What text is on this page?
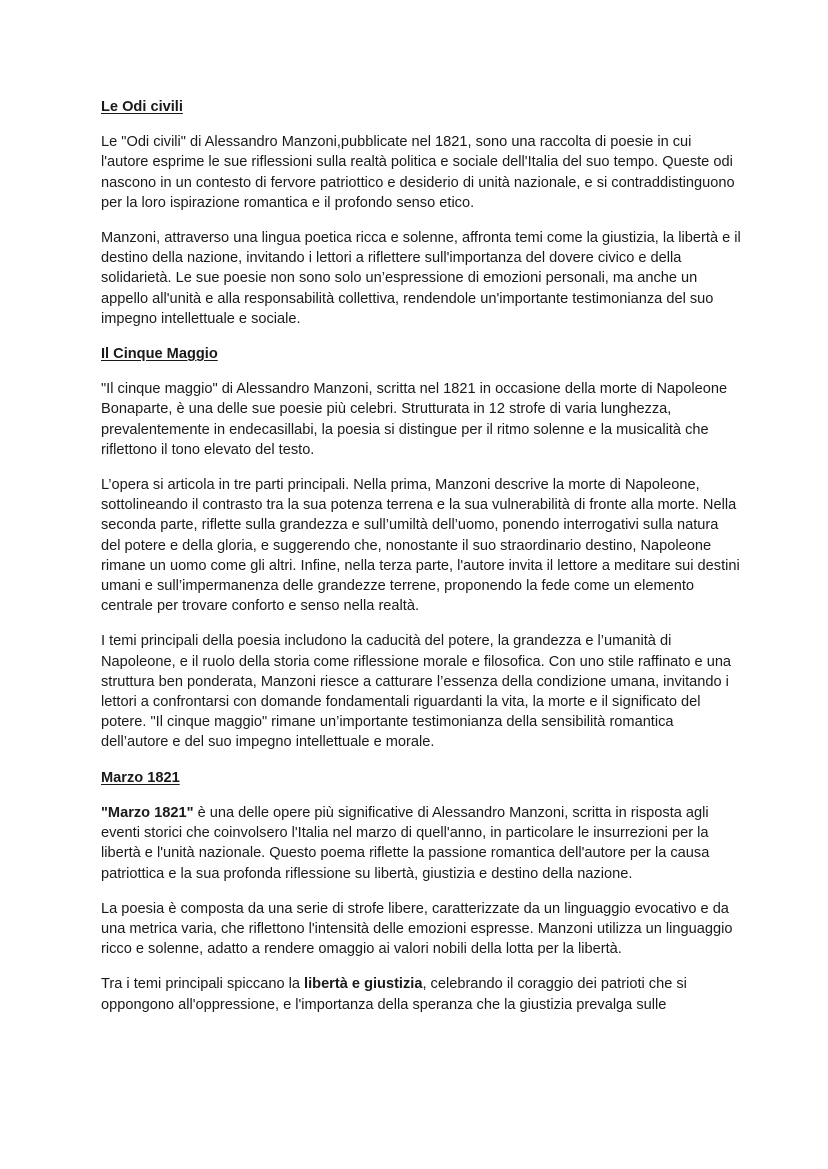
Le Odi civili

Le "Odi civili" di Alessandro Manzoni,pubblicate nel 1821, sono una raccolta di poesie in cui l'autore esprime le sue riflessioni sulla realtà politica e sociale dell'Italia del suo tempo. Queste odi nascono in un contesto di fervore patriottico e desiderio di unità nazionale, e si contraddistinguono per la loro ispirazione romantica e il profondo senso etico.

Manzoni, attraverso una lingua poetica ricca e solenne, affronta temi come la giustizia, la libertà e il destino della nazione, invitando i lettori a riflettere sull'importanza del dovere civico e della solidarietà. Le sue poesie non sono solo un’espressione di emozioni personali, ma anche un appello all'unità e alla responsabilità collettiva, rendendole un'importante testimonianza del suo impegno intellettuale e sociale.

Il Cinque Maggio

"Il cinque maggio" di Alessandro Manzoni, scritta nel 1821 in occasione della morte di Napoleone Bonaparte, è una delle sue poesie più celebri. Strutturata in 12 strofe di varia lunghezza, prevalentemente in endecasillabi, la poesia si distingue per il ritmo solenne e la musicalità che riflettono il tono elevato del testo.

L’opera si articola in tre parti principali. Nella prima, Manzoni descrive la morte di Napoleone, sottolineando il contrasto tra la sua potenza terrena e la sua vulnerabilità di fronte alla morte. Nella seconda parte, riflette sulla grandezza e sull’umiltà dell’uomo, ponendo interrogativi sulla natura del potere e della gloria, e suggerendo che, nonostante il suo straordinario destino, Napoleone rimane un uomo come gli altri. Infine, nella terza parte, l'autore invita il lettore a meditare sui destini umani e sull’impermanenza delle grandezze terrene, proponendo la fede come un elemento centrale per trovare conforto e senso nella realtà.

I temi principali della poesia includono la caducità del potere, la grandezza e l’umanità di Napoleone, e il ruolo della storia come riflessione morale e filosofica. Con uno stile raffinato e una struttura ben ponderata, Manzoni riesce a catturare l’essenza della condizione umana, invitando i lettori a confrontarsi con domande fondamentali riguardanti la vita, la morte e il significato del potere. "Il cinque maggio" rimane un’importante testimonianza della sensibilità romantica dell’autore e del suo impegno intellettuale e morale.

Marzo 1821

"Marzo 1821" è una delle opere più significative di Alessandro Manzoni, scritta in risposta agli eventi storici che coinvolsero l'Italia nel marzo di quell'anno, in particolare le insurrezioni per la libertà e l'unità nazionale. Questo poema riflette la passione romantica dell'autore per la causa patriottica e la sua profonda riflessione su libertà, giustizia e destino della nazione.

La poesia è composta da una serie di strofe libere, caratterizzate da un linguaggio evocativo e da una metrica varia, che riflettono l'intensità delle emozioni espresse. Manzoni utilizza un linguaggio ricco e solenne, adatto a rendere omaggio ai valori nobili della lotta per la libertà.

Tra i temi principali spiccano la libertà e giustizia, celebrando il coraggio dei patrioti che si oppongono all'oppressione, e l'importanza della speranza che la giustizia prevalga sulle
